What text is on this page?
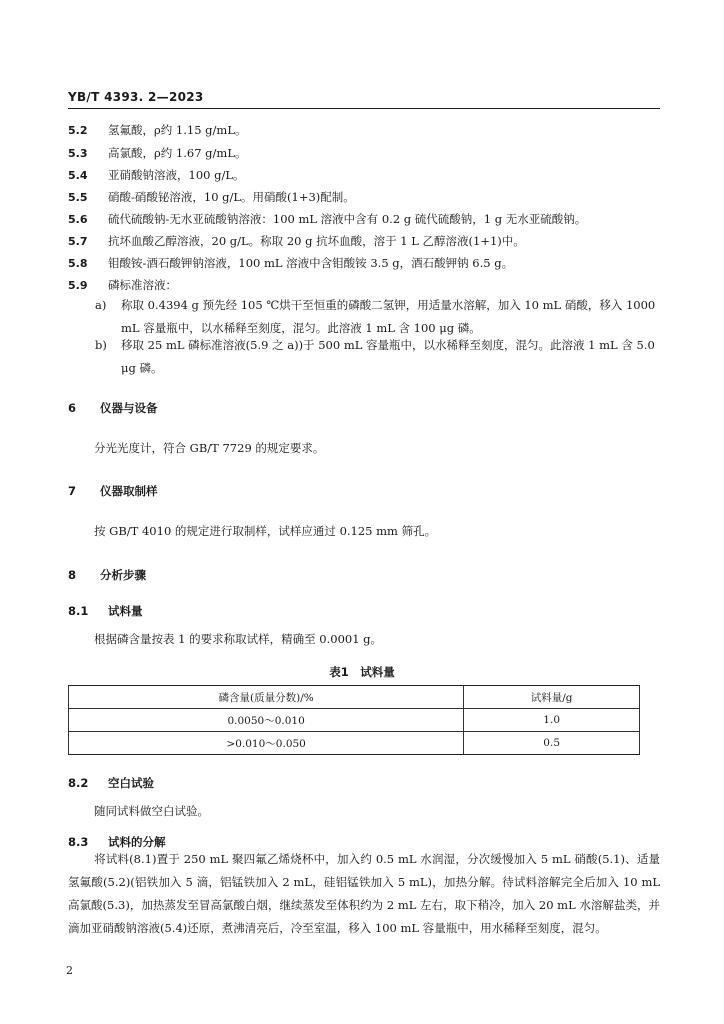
YB/T 4393. 2—2023
5.2 氢氟酸，ρ约 1.15 g/mL。
5.3 高氯酸，ρ约 1.67 g/mL。
5.4 亚硝酸钠溶液，100 g/L。
5.5 硝酸-硝酸铋溶液，10 g/L。用硝酸(1+3)配制。
5.6 硫代硫酸钠-无水亚硫酸钠溶液：100 mL 溶液中含有 0.2 g 硫代硫酸钠，1 g 无水亚硫酸钠。
5.7 抗坏血酸乙醇溶液，20 g/L。称取 20 g 抗坏血酸，溶于 1 L 乙醇溶液(1+1)中。
5.8 钼酸铵-酒石酸钾钠溶液，100 mL 溶液中含钼酸铵 3.5 g，酒石酸钾钠 6.5 g。
5.9 磷标准溶液：
a) 称取 0.4394 g 预先经 105 ℃烘干至恒重的磷酸二氢钾，用适量水溶解，加入 10 mL 硝酸，移入 1000 mL 容量瓶中，以水稀释至刻度，混匀。此溶液 1 mL 含 100 μg 磷。
b) 移取 25 mL 磷标准溶液(5.9 之 a))于 500 mL 容量瓶中，以水稀释至刻度，混匀。此溶液 1 mL 含 5.0 μg 磷。
6 仪器与设备
分光光度计，符合 GB/T 7729 的规定要求。
7 仪器取制样
按 GB/T 4010 的规定进行取制样，试样应通过 0.125 mm 筛孔。
8 分析步骤
8.1 试料量
根据磷含量按表 1 的要求称取试样，精确至 0.0001 g。
表1　试料量
磷含量(质量分数)/%	试料量/g
0.0050～0.010	1.0
>0.010～0.050	0.5
8.2 空白试验
随同试料做空白试验。
8.3 试料的分解
将试料(8.1)置于 250 mL 聚四氟乙烯烧杯中，加入约 0.5 mL 水润湿，分次缓慢加入 5 mL 硝酸(5.1)、适量氢氟酸(5.2)(铝铁加入 5 滴，铝锰铁加入 2 mL，硅铝锰铁加入 5 mL)，加热分解。待试料溶解完全后加入 10 mL 高氯酸(5.3)，加热蒸发至冒高氯酸白烟，继续蒸发至体积约为 2 mL 左右，取下稍冷，加入 20 mL 水溶解盐类，并滴加亚硝酸钠溶液(5.4)还原，煮沸清亮后，冷至室温，移入 100 mL 容量瓶中，用水稀释至刻度，混匀。
2
